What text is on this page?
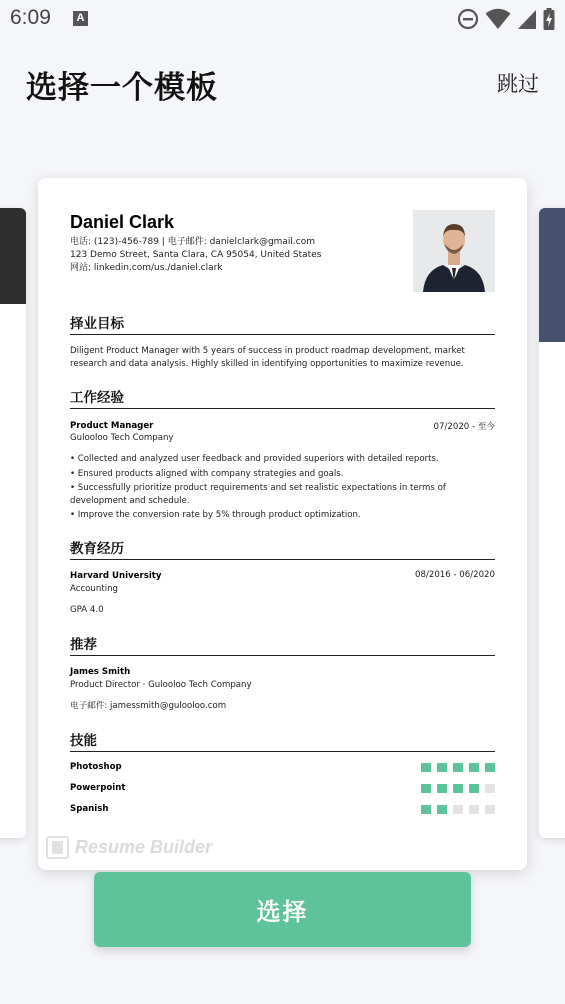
6:09	A
选择一个模板	跳过
Daniel Clark
电话: (123)-456-789 | 电子邮件: danielclark@gmail.com
123 Demo Street, Santa Clara, CA 95054, United States
网站: linkedin.com/us./daniel.clark
择业目标
Diligent Product Manager with 5 years of success in product roadmap development, market research and data analysis. Highly skilled in identifying opportunities to maximize revenue.
工作经验
Product Manager	07/2020 - 至今
Gulooloo Tech Company
• Collected and analyzed user feedback and provided superiors with detailed reports.
• Ensured products aligned with company strategies and goals.
• Successfully prioritize product requirements and set realistic expectations in terms of development and schedule.
• Improve the conversion rate by 5% through product optimization.
教育经历
Harvard University	08/2016 - 06/2020
Accounting
GPA 4.0
推荐
James Smith
Product Director · Gulooloo Tech Company
电子邮件: jamessmith@gulooloo.com
技能
Photoshop
Powerpoint
Spanish
Resume Builder
选择
